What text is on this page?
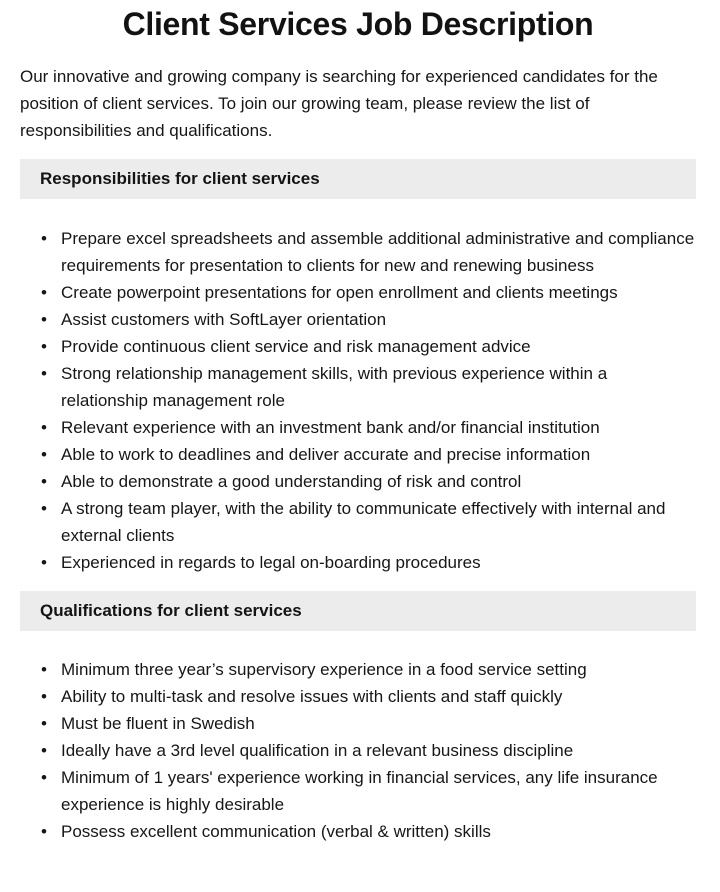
Client Services Job Description

Our innovative and growing company is searching for experienced candidates for the position of client services. To join our growing team, please review the list of responsibilities and qualifications.

Responsibilities for client services
• Prepare excel spreadsheets and assemble additional administrative and compliance requirements for presentation to clients for new and renewing business
• Create powerpoint presentations for open enrollment and clients meetings
• Assist customers with SoftLayer orientation
• Provide continuous client service and risk management advice
• Strong relationship management skills, with previous experience within a relationship management role
• Relevant experience with an investment bank and/or financial institution
• Able to work to deadlines and deliver accurate and precise information
• Able to demonstrate a good understanding of risk and control
• A strong team player, with the ability to communicate effectively with internal and external clients
• Experienced in regards to legal on-boarding procedures
Qualifications for client services
• Minimum three year’s supervisory experience in a food service setting
• Ability to multi-task and resolve issues with clients and staff quickly
• Must be fluent in Swedish
• Ideally have a 3rd level qualification in a relevant business discipline
• Minimum of 1 years' experience working in financial services, any life insurance experience is highly desirable
• Possess excellent communication (verbal & written) skills
